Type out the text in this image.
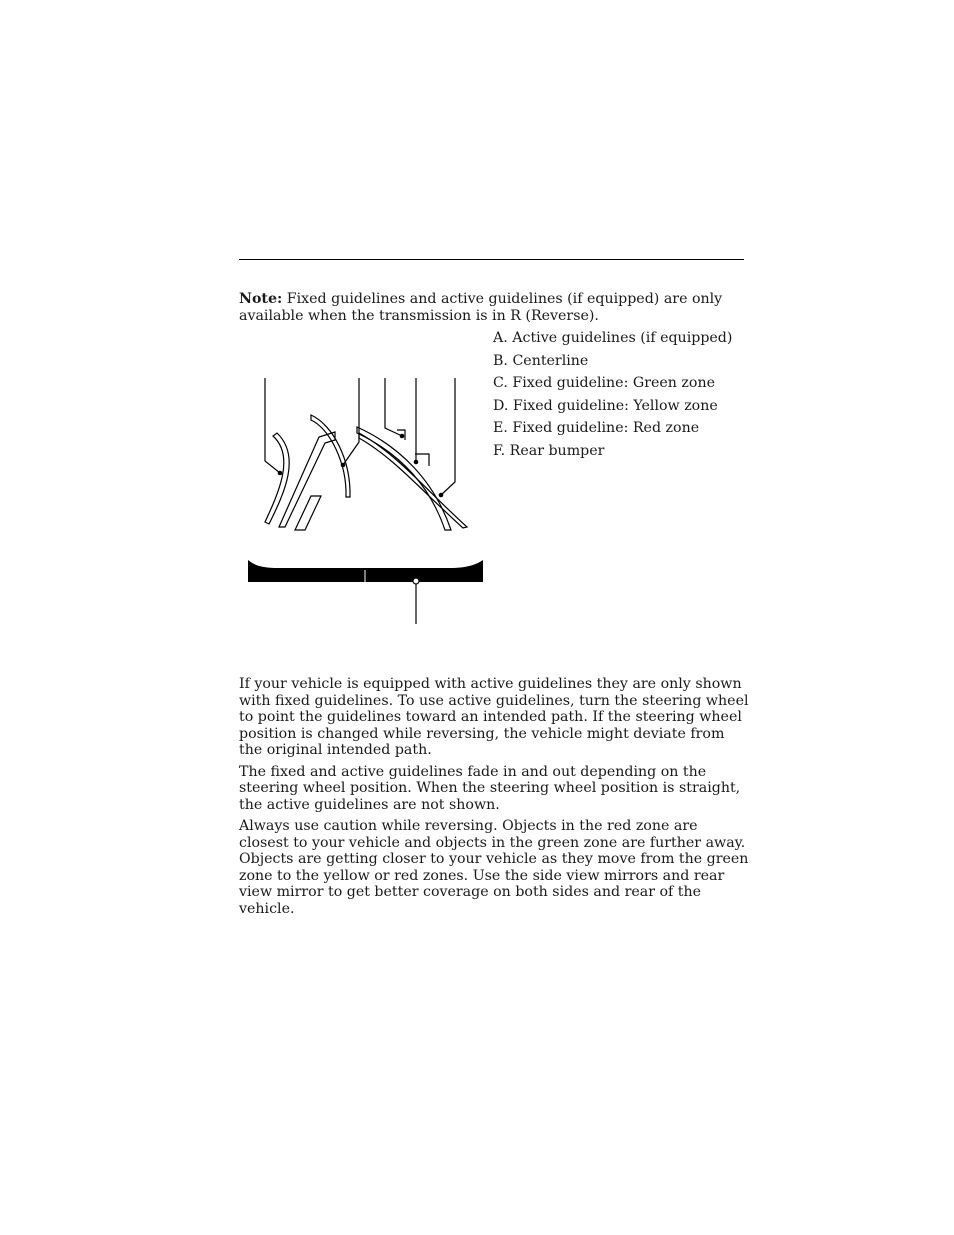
Note: Fixed guidelines and active guidelines (if equipped) are only available when the transmission is in R (Reverse).

A. Active guidelines (if equipped)
B. Centerline
C. Fixed guideline: Green zone
D. Fixed guideline: Yellow zone
E. Fixed guideline: Red zone
F. Rear bumper

If your vehicle is equipped with active guidelines they are only shown with fixed guidelines. To use active guidelines, turn the steering wheel to point the guidelines toward an intended path. If the steering wheel position is changed while reversing, the vehicle might deviate from the original intended path.

The fixed and active guidelines fade in and out depending on the steering wheel position. When the steering wheel position is straight, the active guidelines are not shown.

Always use caution while reversing. Objects in the red zone are closest to your vehicle and objects in the green zone are further away. Objects are getting closer to your vehicle as they move from the green zone to the yellow or red zones. Use the side view mirrors and rear view mirror to get better coverage on both sides and rear of the vehicle.
